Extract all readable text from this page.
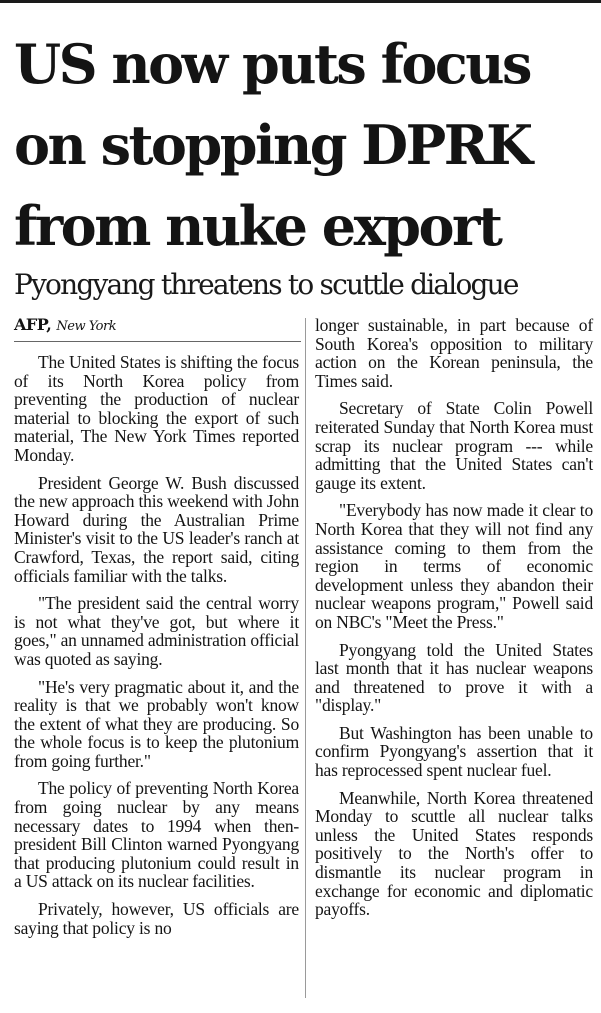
US now puts focus
on stopping DPRK
from nuke export
Pyongyang threatens to scuttle dialogue
AFP, New York

The United States is shifting the focus of its North Korea policy from preventing the production of nuclear material to blocking the export of such material, The New York Times reported Monday.

President George W. Bush discussed the new approach this weekend with John Howard during the Australian Prime Minister's visit to the US leader's ranch at Crawford, Texas, the report said, citing officials familiar with the talks.

"The president said the central worry is not what they've got, but where it goes," an unnamed administration official was quoted as saying.

"He's very pragmatic about it, and the reality is that we probably won't know the extent of what they are producing. So the whole focus is to keep the plutonium from going further."

The policy of preventing North Korea from going nuclear by any means necessary dates to 1994 when then-president Bill Clinton warned Pyongyang that producing plutonium could result in a US attack on its nuclear facilities.

Privately, however, US officials are saying that policy is no

longer sustainable, in part because of South Korea's opposition to military action on the Korean peninsula, the Times said.

Secretary of State Colin Powell reiterated Sunday that North Korea must scrap its nuclear program --- while admitting that the United States can't gauge its extent.

"Everybody has now made it clear to North Korea that they will not find any assistance coming to them from the region in terms of economic development unless they abandon their nuclear weapons program," Powell said on NBC's "Meet the Press."

Pyongyang told the United States last month that it has nuclear weapons and threatened to prove it with a "display."

But Washington has been unable to confirm Pyongyang's assertion that it has reprocessed spent nuclear fuel.

Meanwhile, North Korea threatened Monday to scuttle all nuclear talks unless the United States responds positively to the North's offer to dismantle its nuclear program in exchange for economic and diplomatic payoffs.
